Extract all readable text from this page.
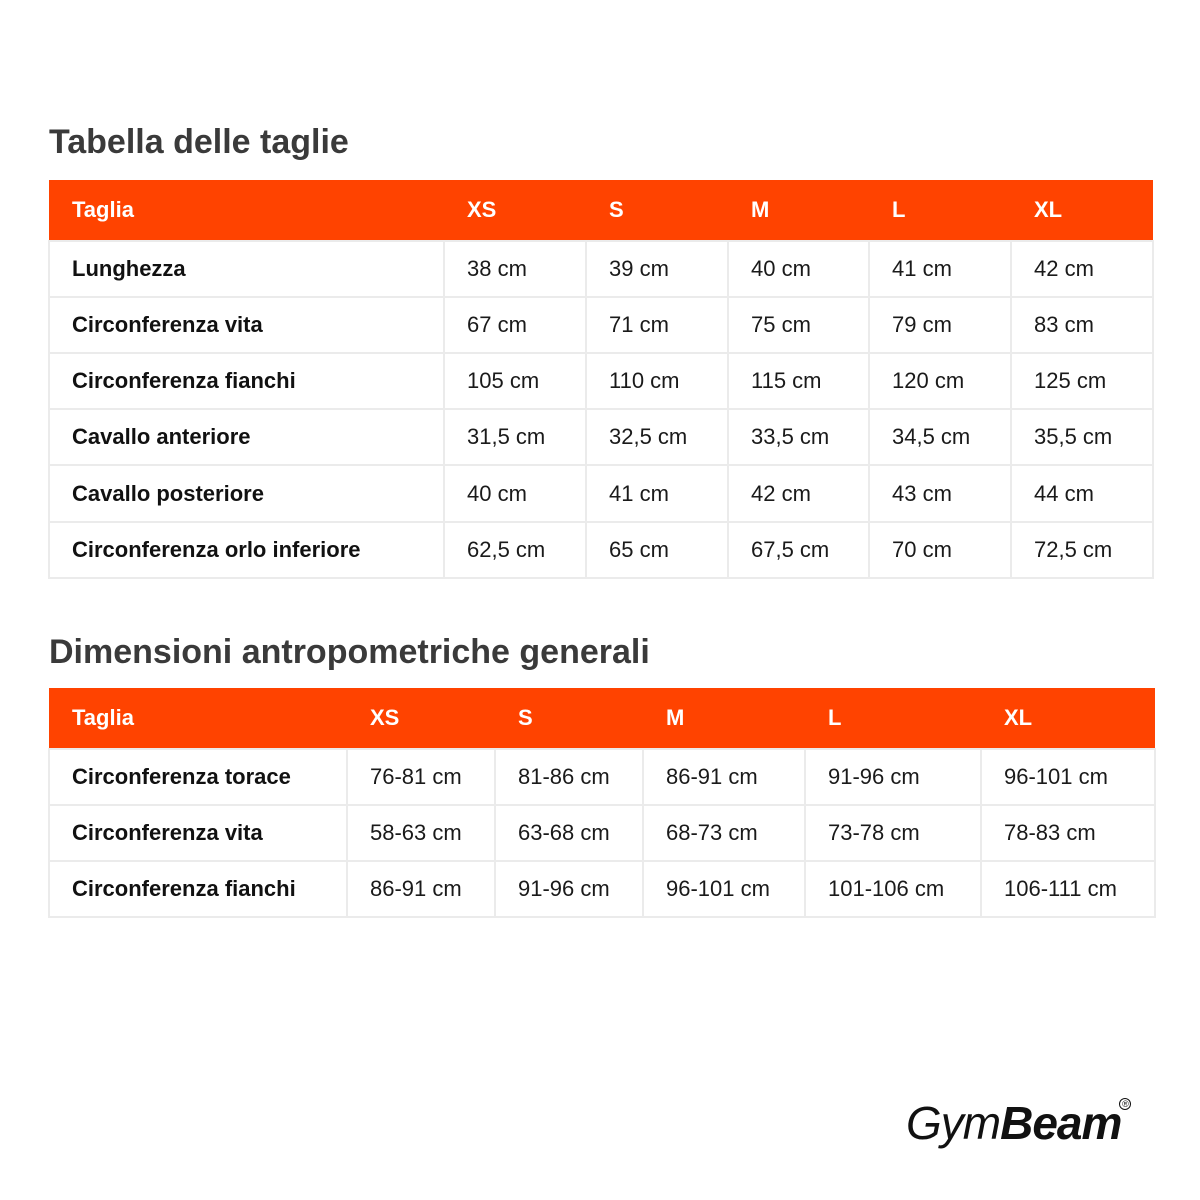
Tabella delle taglie
Taglia	XS	S	M	L	XL
Lunghezza	38 cm	39 cm	40 cm	41 cm	42 cm
Circonferenza vita	67 cm	71 cm	75 cm	79 cm	83 cm
Circonferenza fianchi	105 cm	110 cm	115 cm	120 cm	125 cm
Cavallo anteriore	31,5 cm	32,5 cm	33,5 cm	34,5 cm	35,5 cm
Cavallo posteriore	40 cm	41 cm	42 cm	43 cm	44 cm
Circonferenza orlo inferiore	62,5 cm	65 cm	67,5 cm	70 cm	72,5 cm
Dimensioni antropometriche generali
Taglia	XS	S	M	L	XL
Circonferenza torace	76-81 cm	81-86 cm	86-91 cm	91-96 cm	96-101 cm
Circonferenza vita	58-63 cm	63-68 cm	68-73 cm	73-78 cm	78-83 cm
Circonferenza fianchi	86-91 cm	91-96 cm	96-101 cm	101-106 cm	106-111 cm
GymBeam ®
